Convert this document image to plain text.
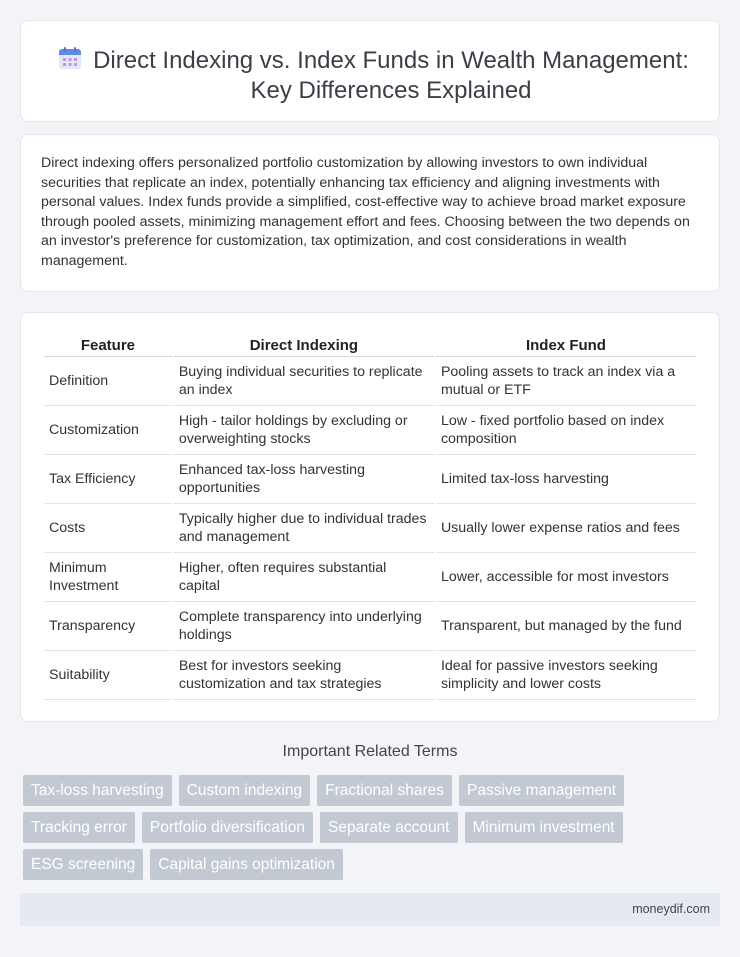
Direct Indexing vs. Index Funds in Wealth Management:
Key Differences Explained

Direct indexing offers personalized portfolio customization by allowing investors to own individual securities that replicate an index, potentially enhancing tax efficiency and aligning investments with personal values. Index funds provide a simplified, cost-effective way to achieve broad market exposure through pooled assets, minimizing management effort and fees. Choosing between the two depends on an investor's preference for customization, tax optimization, and cost considerations in wealth management.

Feature	Direct Indexing	Index Fund
Definition	Buying individual securities to replicate an index	Pooling assets to track an index via a mutual or ETF
Customization	High - tailor holdings by excluding or overweighting stocks	Low - fixed portfolio based on index composition
Tax Efficiency	Enhanced tax-loss harvesting opportunities	Limited tax-loss harvesting
Costs	Typically higher due to individual trades and management	Usually lower expense ratios and fees
Minimum Investment	Higher, often requires substantial capital	Lower, accessible for most investors
Transparency	Complete transparency into underlying holdings	Transparent, but managed by the fund
Suitability	Best for investors seeking customization and tax strategies	Ideal for passive investors seeking simplicity and lower costs
Important Related Terms
Tax-loss harvesting	Custom indexing	Fractional shares	Passive management
Tracking error	Portfolio diversification	Separate account	Minimum investment
ESG screening	Capital gains optimization
moneydif.com
